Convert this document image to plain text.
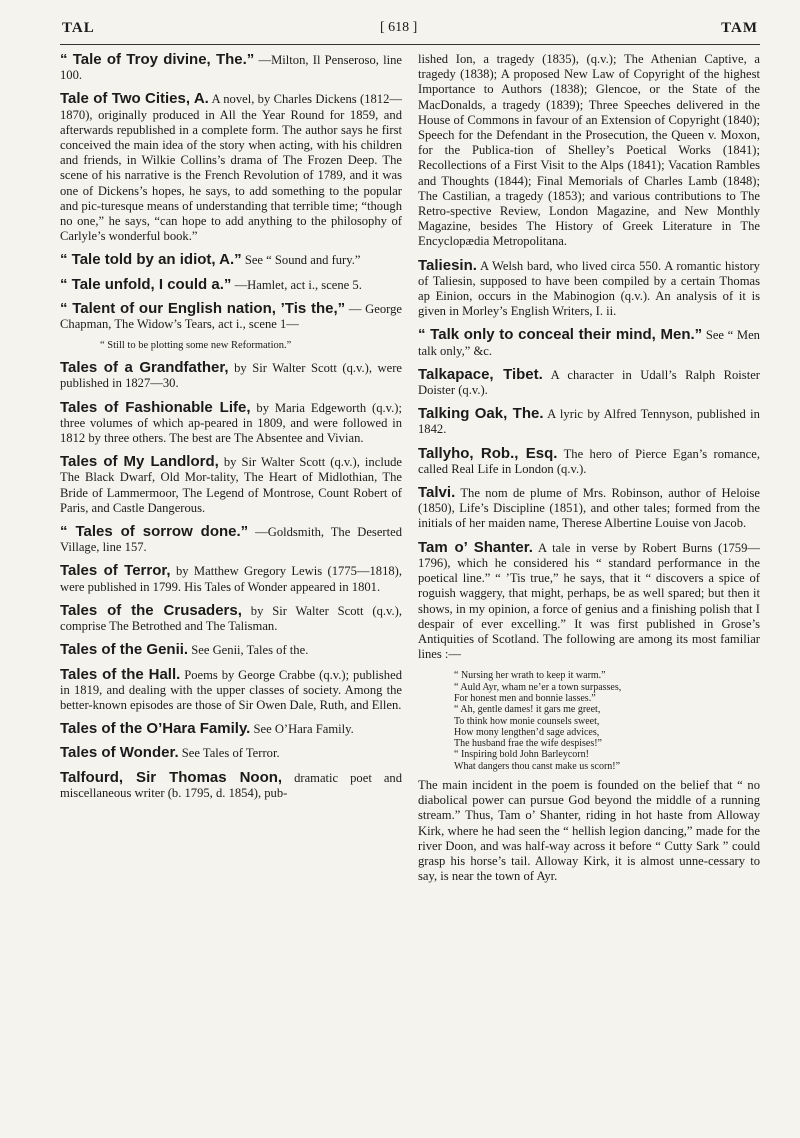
TAL	[ 618 ]	TAM
“ Tale of Troy divine, The.” —Milton, Il Penseroso, line 100.
Tale of Two Cities, A. A novel, by Charles Dickens (1812—1870), originally produced in All the Year Round for 1859, and afterwards republished in a complete form. The author says he first conceived the main idea of the story when acting, with his children and friends, in Wilkie Collins’s drama of The Frozen Deep. The scene of his narrative is the French Revolution of 1789, and it was one of Dickens’s hopes, he says, to add something to the popular and pic-turesque means of understanding that terrible time; “though no one,” he says, “can hope to add anything to the philosophy of Carlyle’s wonderful book.”
“ Tale told by an idiot, A.” See “ Sound and fury.”
“ Tale unfold, I could a.” —Hamlet, act i., scene 5.
“ Talent of our English nation, ’Tis the,” — George Chapman, The Widow’s Tears, act i., scene 1—
“ Still to be plotting some new Reformation.”
Tales of a Grandfather, by Sir Walter Scott (q.v.), were published in 1827—30.
Tales of Fashionable Life, by Maria Edgeworth (q.v.); three volumes of which ap-peared in 1809, and were followed in 1812 by three others. The best are The Absentee and Vivian.
Tales of My Landlord, by Sir Walter Scott (q.v.), include The Black Dwarf, Old Mor-tality, The Heart of Midlothian, The Bride of Lammermoor, The Legend of Montrose, Count Robert of Paris, and Castle Dangerous.
“ Tales of sorrow done.” —Goldsmith, The Deserted Village, line 157.
Tales of Terror, by Matthew Gregory Lewis (1775—1818), were published in 1799. His Tales of Wonder appeared in 1801.
Tales of the Crusaders, by Sir Walter Scott (q.v.), comprise The Betrothed and The Talisman.
Tales of the Genii. See Genii, Tales of the.
Tales of the Hall. Poems by George Crabbe (q.v.); published in 1819, and dealing with the upper classes of society. Among the better-known episodes are those of Sir Owen Dale, Ruth, and Ellen.
Tales of the O’Hara Family. See O’Hara Family.
Tales of Wonder. See Tales of Terror.
Talfourd, Sir Thomas Noon, dramatic poet and miscellaneous writer (b. 1795, d. 1854), pub-
lished Ion, a tragedy (1835), (q.v.); The Athenian Captive, a tragedy (1838); A proposed New Law of Copyright of the highest Importance to Authors (1838); Glencoe, or the State of the MacDonalds, a tragedy (1839); Three Speeches delivered in the House of Commons in favour of an Extension of Copyright (1840); Speech for the Defendant in the Prosecution, the Queen v. Moxon, for the Publica-tion of Shelley’s Poetical Works (1841); Recollections of a First Visit to the Alps (1841); Vacation Rambles and Thoughts (1844); Final Memorials of Charles Lamb (1848); The Castilian, a tragedy (1853); and various contributions to The Retro-spective Review, London Magazine, and New Monthly Magazine, besides The History of Greek Literature in The Encyclopædia Metropolitana.
Taliesin. A Welsh bard, who lived circa 550. A romantic history of Taliesin, supposed to have been compiled by a certain Thomas ap Einion, occurs in the Mabinogion (q.v.). An analysis of it is given in Morley’s English Writers, I. ii.
“ Talk only to conceal their mind, Men.” See “ Men talk only,” &c.
Talkapace, Tibet. A character in Udall’s Ralph Roister Doister (q.v.).
Talking Oak, The. A lyric by Alfred Tennyson, published in 1842.
Tallyho, Rob., Esq. The hero of Pierce Egan’s romance, called Real Life in London (q.v.).
Talvi. The nom de plume of Mrs. Robinson, author of Heloise (1850), Life’s Discipline (1851), and other tales; formed from the initials of her maiden name, Therese Albertine Louise von Jacob.
Tam o’ Shanter. A tale in verse by Robert Burns (1759—1796), which he considered his “ standard performance in the poetical line.” “ ’Tis true,” he says, that it “ discovers a spice of roguish waggery, that might, perhaps, be as well spared; but then it shows, in my opinion, a force of genius and a finishing polish that I despair of ever excelling.” It was first published in Grose’s Antiquities of Scotland. The following are among its most familiar lines :—
“ Nursing her wrath to keep it warm.”
“ Auld Ayr, wham ne’er a town surpasses,
For honest men and bonnie lasses.”
“ Ah, gentle dames! it gars me greet,
To think how monie counsels sweet,
How mony lengthen’d sage advices,
The husband frae the wife despises!”
“ Inspiring bold John Barleycorn!
What dangers thou canst make us scorn!”
The main incident in the poem is founded on the belief that “ no diabolical power can pursue God beyond the middle of a running stream.” Thus, Tam o’ Shanter, riding in hot haste from Alloway Kirk, where he had seen the “ hellish legion dancing,” made for the river Doon, and was half-way across it before “ Cutty Sark ” could grasp his horse’s tail. Alloway Kirk, it is almost unne-cessary to say, is near the town of Ayr.
